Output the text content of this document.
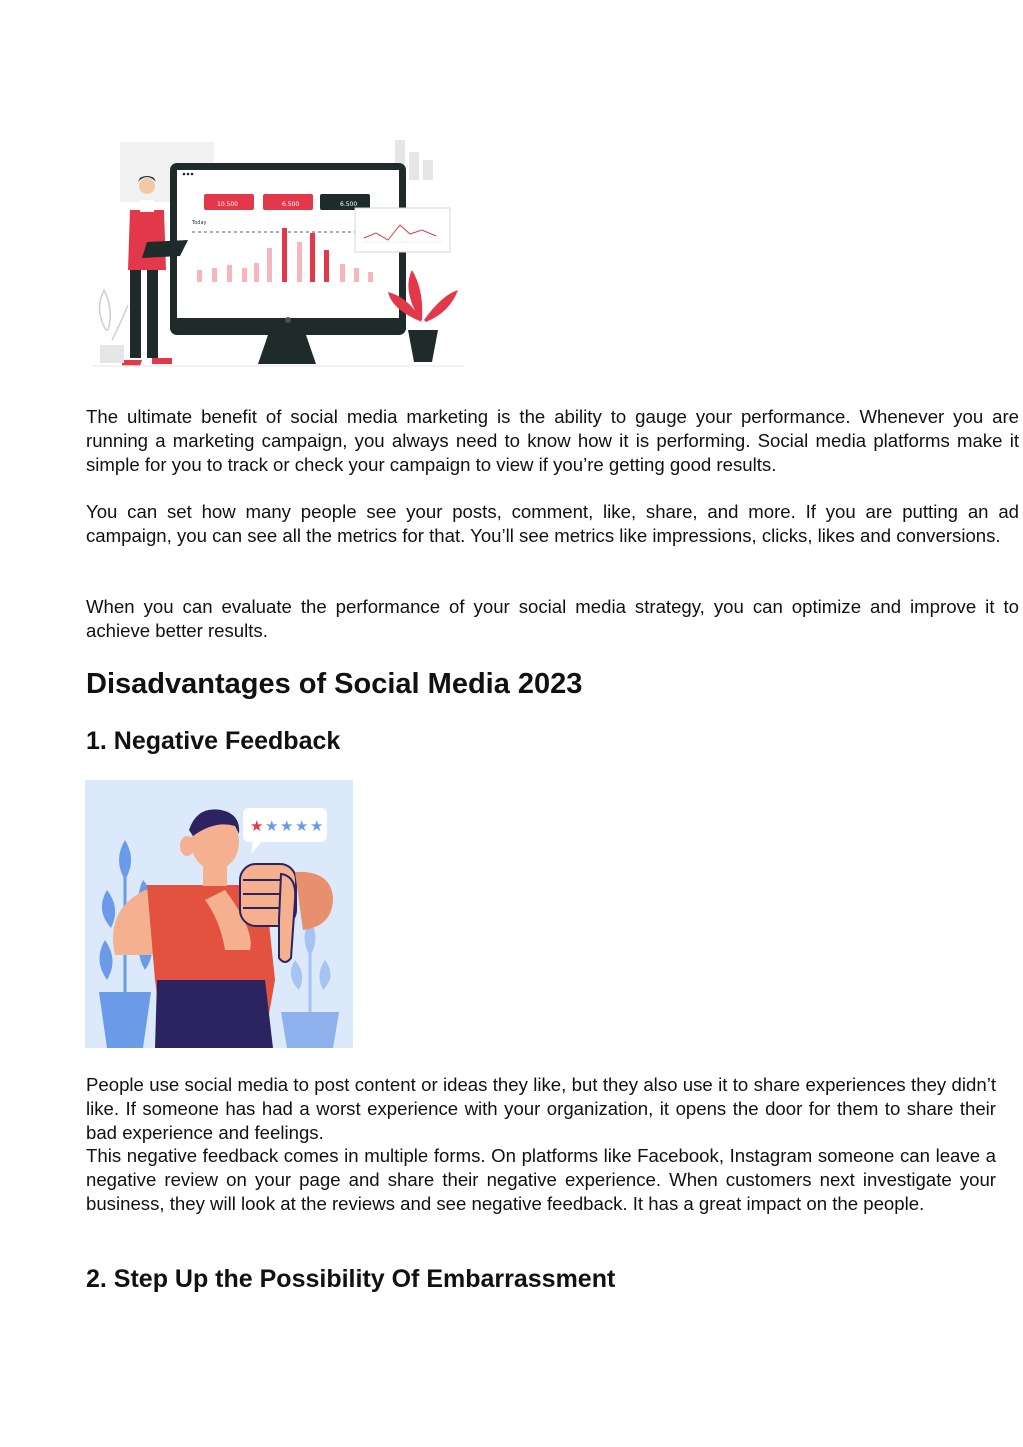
10.500	6.500	6.500
Today

The ultimate benefit of social media marketing is the ability to gauge your performance. Whenever you are running a marketing campaign, you always need to know how it is performing. Social media platforms make it simple for you to track or check your campaign to view if you’re getting good results.

You can set how many people see your posts, comment, like, share, and more. If you are putting an ad campaign, you can see all the metrics for that. You’ll see metrics like impressions, clicks, likes and conversions.

When you can evaluate the performance of your social media strategy, you can optimize and improve it to achieve better results.

Disadvantages of Social Media 2023
1. Negative Feedback
★ ★ ★ ★ ★

People use social media to post content or ideas they like, but they also use it to share experiences they didn’t like. If someone has had a worst experience with your organization, it opens the door for them to share their bad experience and feelings.

This negative feedback comes in multiple forms. On platforms like Facebook, Instagram someone can leave a negative review on your page and share their negative experience. When customers next investigate your business, they will look at the reviews and see negative feedback. It has a great impact on the people.

2. Step Up the Possibility Of Embarrassment
